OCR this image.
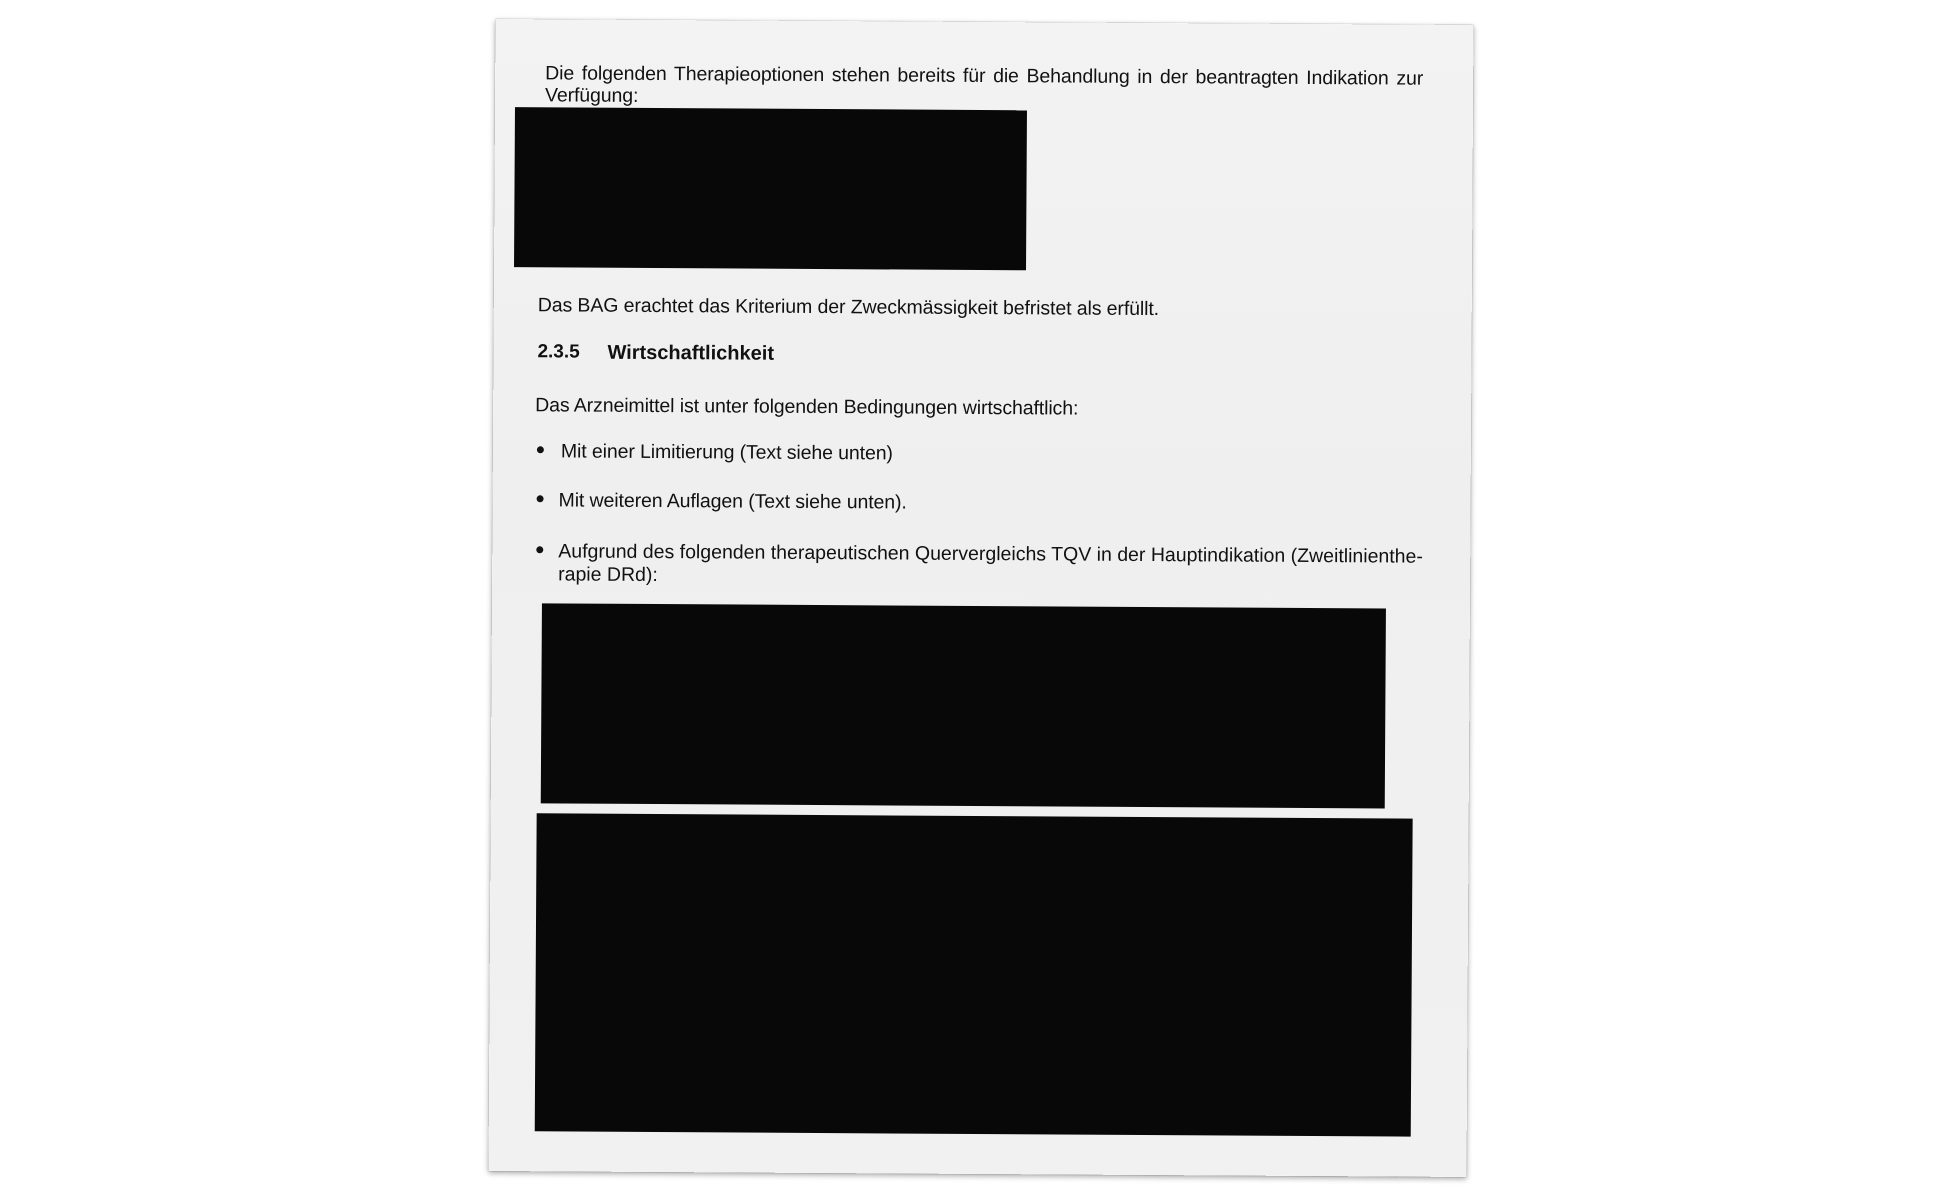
Die folgenden Therapieoptionen stehen bereits für die Behandlung in der beantragten Indikation zur
Verfügung:
Das BAG erachtet das Kriterium der Zweckmässigkeit befristet als erfüllt.
2.3.5 Wirtschaftlichkeit
Das Arzneimittel ist unter folgenden Bedingungen wirtschaftlich:
Mit einer Limitierung (Text siehe unten)
Mit weiteren Auflagen (Text siehe unten).
Aufgrund des folgenden therapeutischen Quervergleichs TQV in der Hauptindikation (Zweitlinienthe-
rapie DRd):
